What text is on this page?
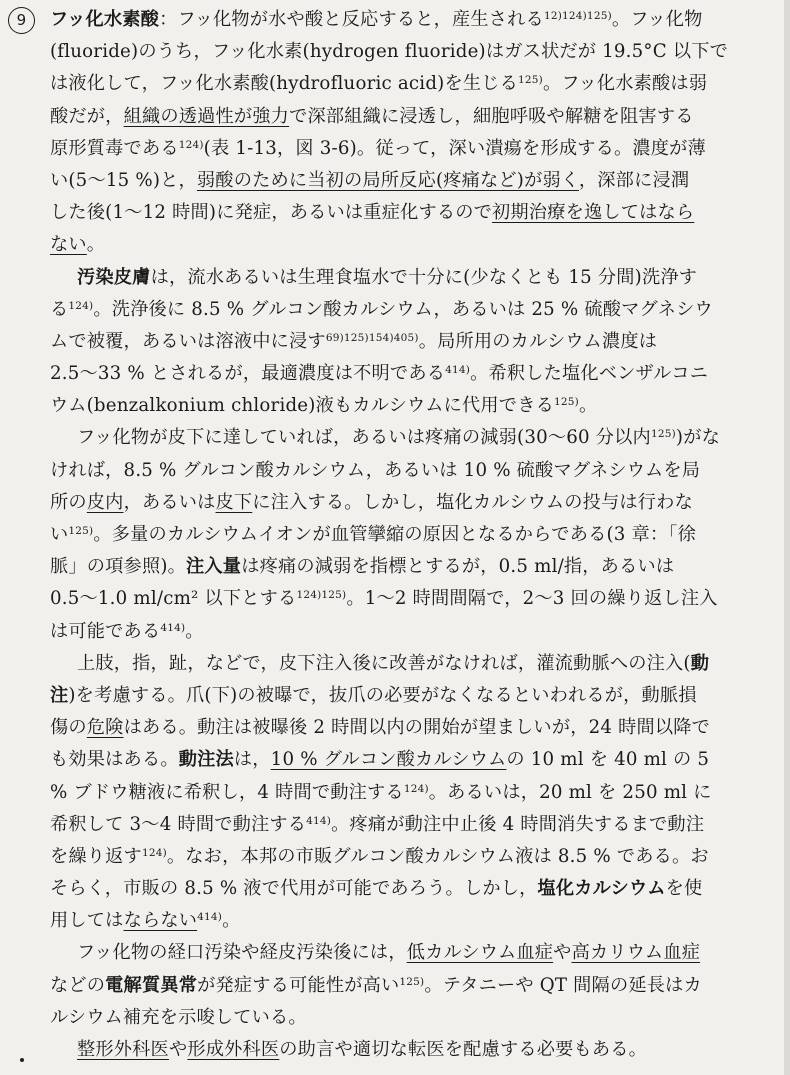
9	フッ化水素酸：フッ化物が水や酸と反応すると，産生される$^{12)124)125)}$。フッ化物
(fluoride)のうち，フッ化水素(hydrogen fluoride)はガス状だが 19.5°C 以下で
は液化して，フッ化水素酸(hydrofluoric acid)を生じる$^{125)}$。フッ化水素酸は弱
酸だが，組織の透過性が強力で深部組織に浸透し，細胞呼吸や解糖を阻害する
原形質毒である$^{124)}$(表 1-13，図 3-6)。従って，深い潰瘍を形成する。濃度が薄
い(5〜15 %)と，弱酸のために当初の局所反応(疼痛など)が弱く，深部に浸潤
した後(1〜12 時間)に発症，あるいは重症化するので初期治療を逸してはなら
ない。
汚染皮膚は，流水あるいは生理食塩水で十分に(少なくとも 15 分間)洗浄す
る$^{124)}$。洗浄後に 8.5 % グルコン酸カルシウム，あるいは 25 % 硫酸マグネシウ
ムで被覆，あるいは溶液中に浸す$^{69)125)154)405)}$。局所用のカルシウム濃度は
2.5〜33 % とされるが，最適濃度は不明である$^{414)}$。希釈した塩化ベンザルコニ
ウム(benzalkonium chloride)液もカルシウムに代用できる$^{125)}$。
フッ化物が皮下に達していれば，あるいは疼痛の減弱(30〜60 分以内$^{125)}$)がな
ければ，8.5 % グルコン酸カルシウム，あるいは 10 % 硫酸マグネシウムを局
所の皮内，あるいは皮下に注入する。しかし，塩化カルシウムの投与は行わな
い$^{125)}$。多量のカルシウムイオンが血管攣縮の原因となるからである(3 章：「徐
脈」の項参照)。注入量は疼痛の減弱を指標とするが，0.5 ml/指，あるいは
0.5〜1.0 ml/cm² 以下とする$^{124)125)}$。1〜2 時間間隔で，2〜3 回の繰り返し注入
は可能である$^{414)}$。
上肢，指，趾，などで，皮下注入後に改善がなければ，灌流動脈への注入(動
注)を考慮する。爪(下)の被曝で，抜爪の必要がなくなるといわれるが，動脈損
傷の危険はある。動注は被曝後 2 時間以内の開始が望ましいが，24 時間以降で
も効果はある。動注法は，10 % グルコン酸カルシウムの 10 ml を 40 ml の 5
% ブドウ糖液に希釈し，4 時間で動注する$^{124)}$。あるいは，20 ml を 250 ml に
希釈して 3〜4 時間で動注する$^{414)}$。疼痛が動注中止後 4 時間消失するまで動注
を繰り返す$^{124)}$。なお，本邦の市販グルコン酸カルシウム液は 8.5 % である。お
そらく，市販の 8.5 % 液で代用が可能であろう。しかし，塩化カルシウムを使
用してはならない$^{414)}$。
フッ化物の経口汚染や経皮汚染後には，低カルシウム血症や高カリウム血症
などの電解質異常が発症する可能性が高い$^{125)}$。テタニーや QT 間隔の延長はカ
ルシウム補充を示唆している。
整形外科医や形成外科医の助言や適切な転医を配慮する必要もある。
